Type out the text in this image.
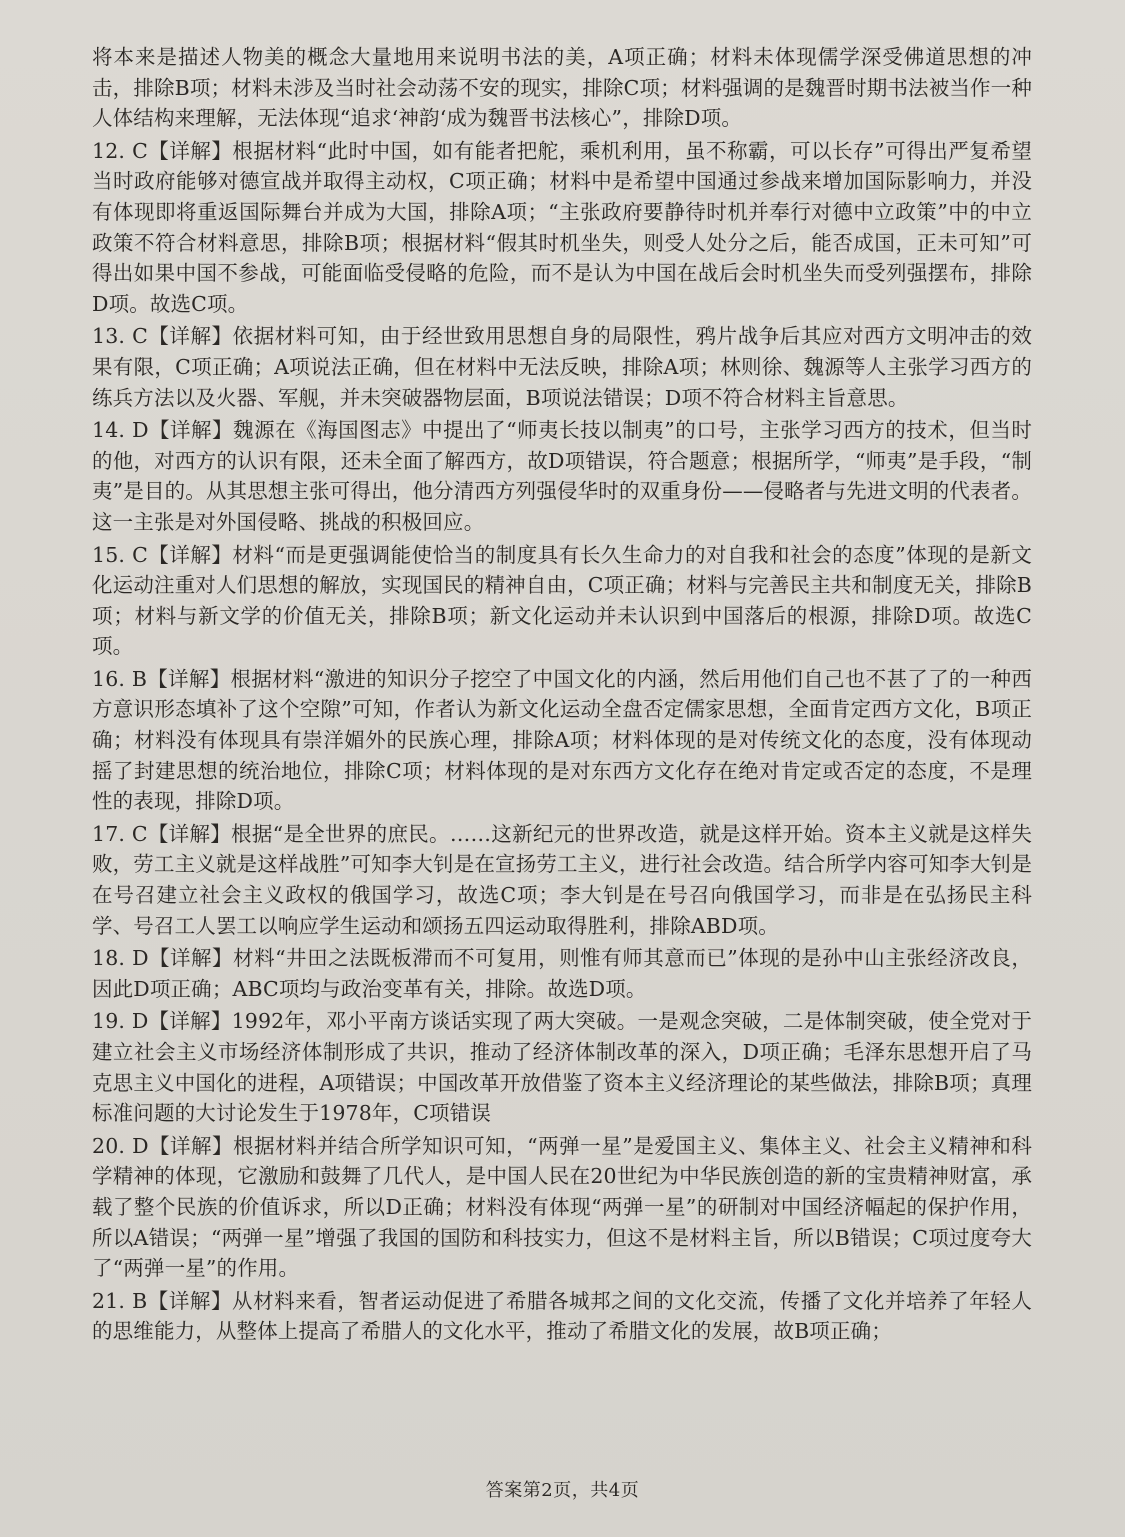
将本来是描述人物美的概念大量地用来说明书法的美，A项正确；材料未体现儒学深受佛道思想的冲击，排除B项；材料未涉及当时社会动荡不安的现实，排除C项；材料强调的是魏晋时期书法被当作一种人体结构来理解，无法体现“追求‘神韵‘成为魏晋书法核心”，排除D项。

12. C【详解】根据材料“此时中国，如有能者把舵，乘机利用，虽不称霸，可以长存”可得出严复希望当时政府能够对德宣战并取得主动权，C项正确；材料中是希望中国通过参战来增加国际影响力，并没有体现即将重返国际舞台并成为大国，排除A项；“主张政府要静待时机并奉行对德中立政策”中的中立政策不符合材料意思，排除B项；根据材料“假其时机坐失，则受人处分之后，能否成国，正未可知”可得出如果中国不参战，可能面临受侵略的危险，而不是认为中国在战后会时机坐失而受列强摆布，排除D项。故选C项。

13. C【详解】依据材料可知，由于经世致用思想自身的局限性，鸦片战争后其应对西方文明冲击的效果有限，C项正确；A项说法正确，但在材料中无法反映，排除A项；林则徐、魏源等人主张学习西方的练兵方法以及火器、军舰，并未突破器物层面，B项说法错误；D项不符合材料主旨意思。

14. D【详解】魏源在《海国图志》中提出了“师夷长技以制夷”的口号，主张学习西方的技术，但当时的他，对西方的认识有限，还未全面了解西方，故D项错误，符合题意；根据所学，“师夷”是手段，“制夷”是目的。从其思想主张可得出，他分清西方列强侵华时的双重身份——侵略者与先进文明的代表者。这一主张是对外国侵略、挑战的积极回应。

15. C【详解】材料“而是更强调能使恰当的制度具有长久生命力的对自我和社会的态度”体现的是新文化运动注重对人们思想的解放，实现国民的精神自由，C项正确；材料与完善民主共和制度无关，排除B项；材料与新文学的价值无关，排除B项；新文化运动并未认识到中国落后的根源，排除D项。故选C项。

16. B【详解】根据材料“激进的知识分子挖空了中国文化的内涵，然后用他们自己也不甚了了的一种西方意识形态填补了这个空隙”可知，作者认为新文化运动全盘否定儒家思想，全面肯定西方文化，B项正确；材料没有体现具有崇洋媚外的民族心理，排除A项；材料体现的是对传统文化的态度，没有体现动摇了封建思想的统治地位，排除C项；材料体现的是对东西方文化存在绝对肯定或否定的态度，不是理性的表现，排除D项。

17. C【详解】根据“是全世界的庶民。……这新纪元的世界改造，就是这样开始。资本主义就是这样失败，劳工主义就是这样战胜”可知李大钊是在宣扬劳工主义，进行社会改造。结合所学内容可知李大钊是在号召建立社会主义政权的俄国学习，故选C项；李大钊是在号召向俄国学习，而非是在弘扬民主科学、号召工人罢工以响应学生运动和颂扬五四运动取得胜利，排除ABD项。

18. D【详解】材料“井田之法既板滞而不可复用，则惟有师其意而已”体现的是孙中山主张经济改良，因此D项正确；ABC项均与政治变革有关，排除。故选D项。

19. D【详解】1992年，邓小平南方谈话实现了两大突破。一是观念突破，二是体制突破，使全党对于建立社会主义市场经济体制形成了共识，推动了经济体制改革的深入，D项正确；毛泽东思想开启了马克思主义中国化的进程，A项错误；中国改革开放借鉴了资本主义经济理论的某些做法，排除B项；真理标准问题的大讨论发生于1978年，C项错误

20. D【详解】根据材料并结合所学知识可知，“两弹一星”是爱国主义、集体主义、社会主义精神和科学精神的体现，它激励和鼓舞了几代人，是中国人民在20世纪为中华民族创造的新的宝贵精神财富，承载了整个民族的价值诉求，所以D正确；材料没有体现“两弹一星”的研制对中国经济幅起的保护作用，所以A错误；“两弹一星”增强了我国的国防和科技实力，但这不是材料主旨，所以B错误；C项过度夸大了“两弹一星”的作用。

21. B【详解】从材料来看，智者运动促进了希腊各城邦之间的文化交流，传播了文化并培养了年轻人的思维能力，从整体上提高了希腊人的文化水平，推动了希腊文化的发展，故B项正确；

答案第2页，共4页
